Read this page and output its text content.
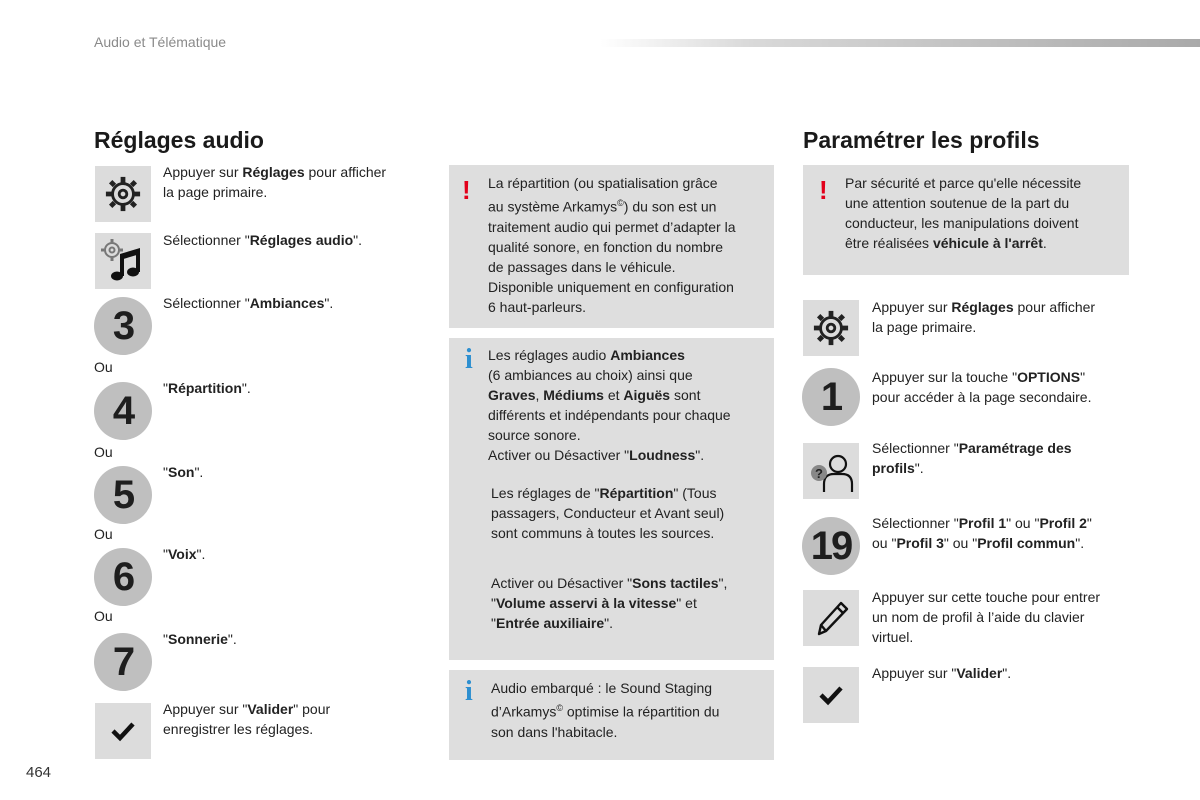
Audio et Télématique
Réglages audio
Appuyer sur Réglages pour afficher
la page primaire.
Sélectionner "Réglages audio".
3
Sélectionner "Ambiances".
Ou
4
"Répartition".
Ou
5
"Son".
Ou
6
"Voix".
Ou
7
"Sonnerie".
Appuyer sur "Valider" pour
enregistrer les réglages.
! La répartition (ou spatialisation grâce
au système Arkamys©) du son est un
traitement audio qui permet d’adapter la
qualité sonore, en fonction du nombre
de passages dans le véhicule.
Disponible uniquement en configuration
6 haut-parleurs.
i Les réglages audio Ambiances
(6 ambiances au choix) ainsi que
Graves, Médiums et Aiguës sont
différents et indépendants pour chaque
source sonore.
Activer ou Désactiver "Loudness".
Les réglages de "Répartition" (Tous
passagers, Conducteur et Avant seul)
sont communs à toutes les sources.
Activer ou Désactiver "Sons tactiles",
"Volume asservi à la vitesse" et
"Entrée auxiliaire".
i Audio embarqué : le Sound Staging
d’Arkamys© optimise la répartition du
son dans l'habitacle.
Paramétrer les profils
! Par sécurité et parce qu'elle nécessite
une attention soutenue de la part du
conducteur, les manipulations doivent
être réalisées véhicule à l'arrêt.
Appuyer sur Réglages pour afficher
la page primaire.
1	Appuyer sur la touche "OPTIONS"
pour accéder à la page secondaire.
?
Sélectionner "Paramétrage des
profils".
19
Sélectionner "Profil 1" ou "Profil 2"
ou "Profil 3" ou "Profil commun".
Appuyer sur cette touche pour entrer
un nom de profil à l’aide du clavier
virtuel.
Appuyer sur "Valider".
464
